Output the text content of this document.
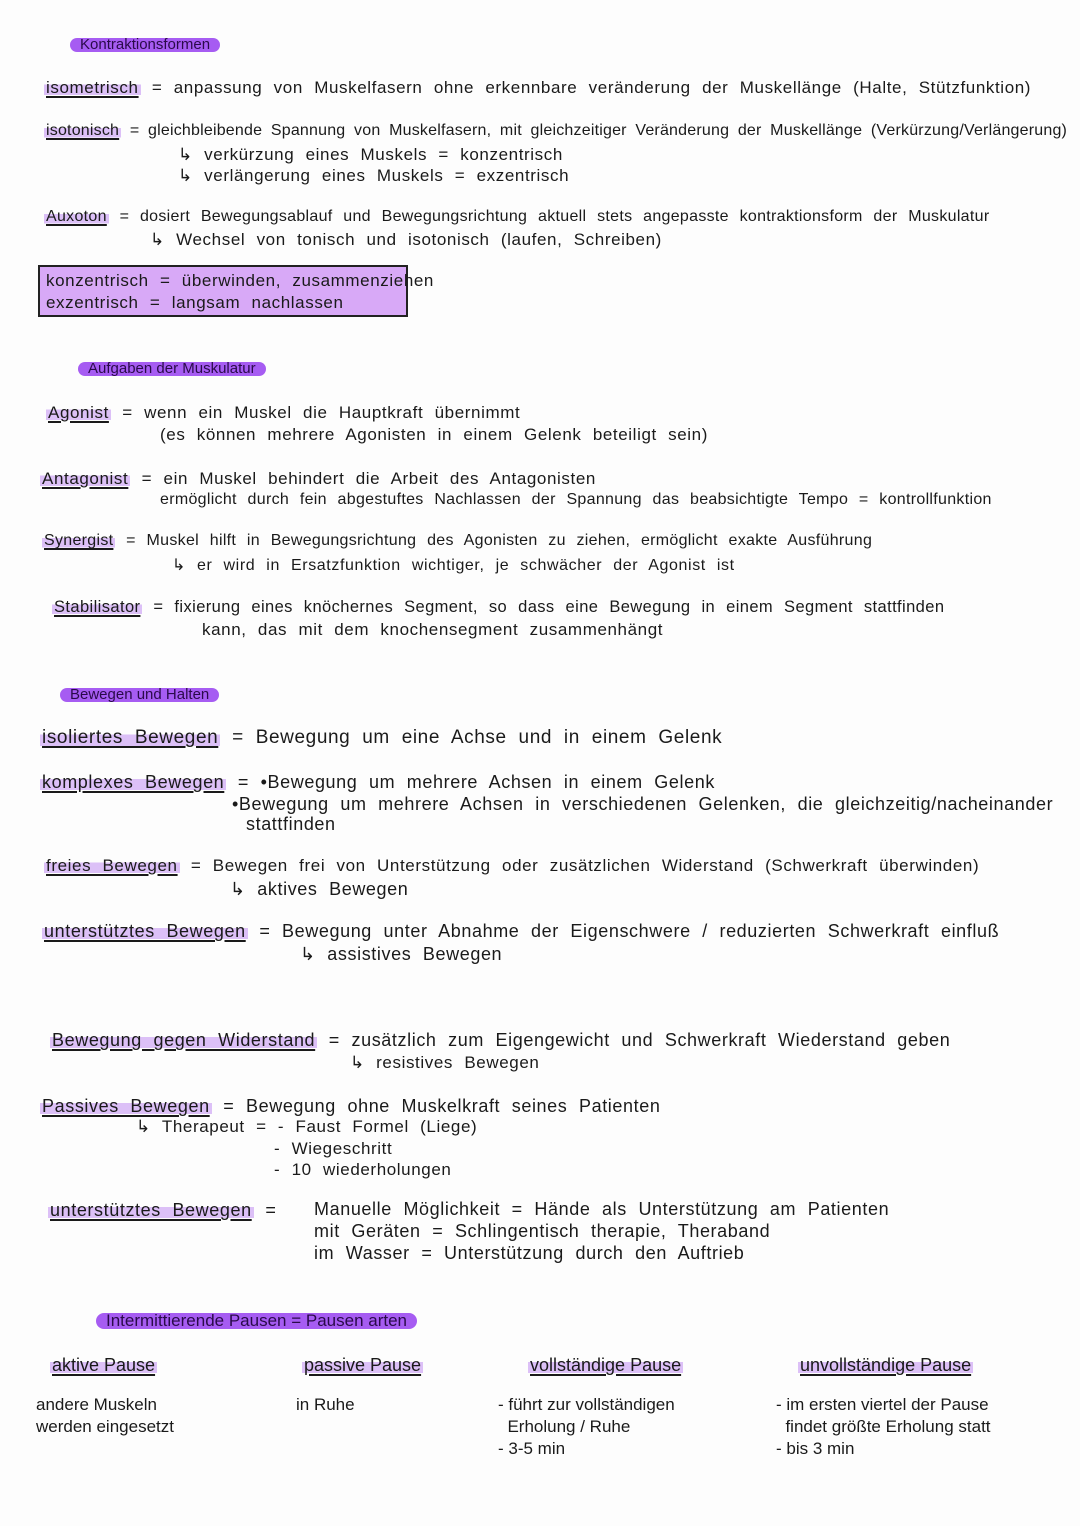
Kontraktionsformen
isometrisch = anpassung von Muskelfasern ohne erkennbare veränderung der Muskellänge (Halte, Stützfunktion)
isotonisch = gleichbleibende Spannung von Muskelfasern, mit gleichzeitiger Veränderung der Muskellänge (Verkürzung/Verlängerung)
↳ verkürzung eines Muskels = konzentrisch
↳ verlängerung eines Muskels = exzentrisch
Auxoton = dosiert Bewegungsablauf und Bewegungsrichtung aktuell stets angepasste kontraktionsform der Muskulatur
↳ Wechsel von tonisch und isotonisch (laufen, Schreiben)
konzentrisch = überwinden, zusammenziehen
exzentrisch = langsam nachlassen
Aufgaben der Muskulatur
Agonist = wenn ein Muskel die Hauptkraft übernimmt
(es können mehrere Agonisten in einem Gelenk beteiligt sein)
Antagonist = ein Muskel behindert die Arbeit des Antagonisten
ermöglicht durch fein abgestuftes Nachlassen der Spannung das beabsichtigte Tempo = kontrollfunktion
Synergist = Muskel hilft in Bewegungsrichtung des Agonisten zu ziehen, ermöglicht exakte Ausführung
↳ er wird in Ersatzfunktion wichtiger, je schwächer der Agonist ist
Stabilisator = fixierung eines knöchernes Segment, so dass eine Bewegung in einem Segment stattfinden
kann, das mit dem knochensegment zusammenhängt
Bewegen und Halten
isoliertes Bewegen = Bewegung um eine Achse und in einem Gelenk
komplexes Bewegen = •Bewegung um mehrere Achsen in einem Gelenk
•Bewegung um mehrere Achsen in verschiedenen Gelenken, die gleichzeitig/nacheinander
stattfinden
freies Bewegen = Bewegen frei von Unterstützung oder zusätzlichen Widerstand (Schwerkraft überwinden)
↳ aktives Bewegen
unterstütztes Bewegen = Bewegung unter Abnahme der Eigenschwere / reduzierten Schwerkraft einfluß
↳ assistives Bewegen
Bewegung gegen Widerstand = zusätzlich zum Eigengewicht und Schwerkraft Wiederstand geben
↳ resistives Bewegen
Passives Bewegen = Bewegung ohne Muskelkraft seines Patienten
↳ Therapeut = - Faust Formel (Liege)
- Wiegeschritt
- 10 wiederholungen
unterstütztes Bewegen = Manuelle Möglichkeit = Hände als Unterstützung am Patienten
mit Geräten = Schlingentisch therapie, Theraband
im Wasser = Unterstützung durch den Auftrieb
Intermittierende Pausen = Pausen arten
aktive Pause
andere Muskeln
werden eingesetzt
passive Pause
in Ruhe
vollständige Pause
- führt zur vollständigen
Erholung / Ruhe
- 3-5 min
unvollständige Pause
- im ersten viertel der Pause
findet größte Erholung statt
- bis 3 min
